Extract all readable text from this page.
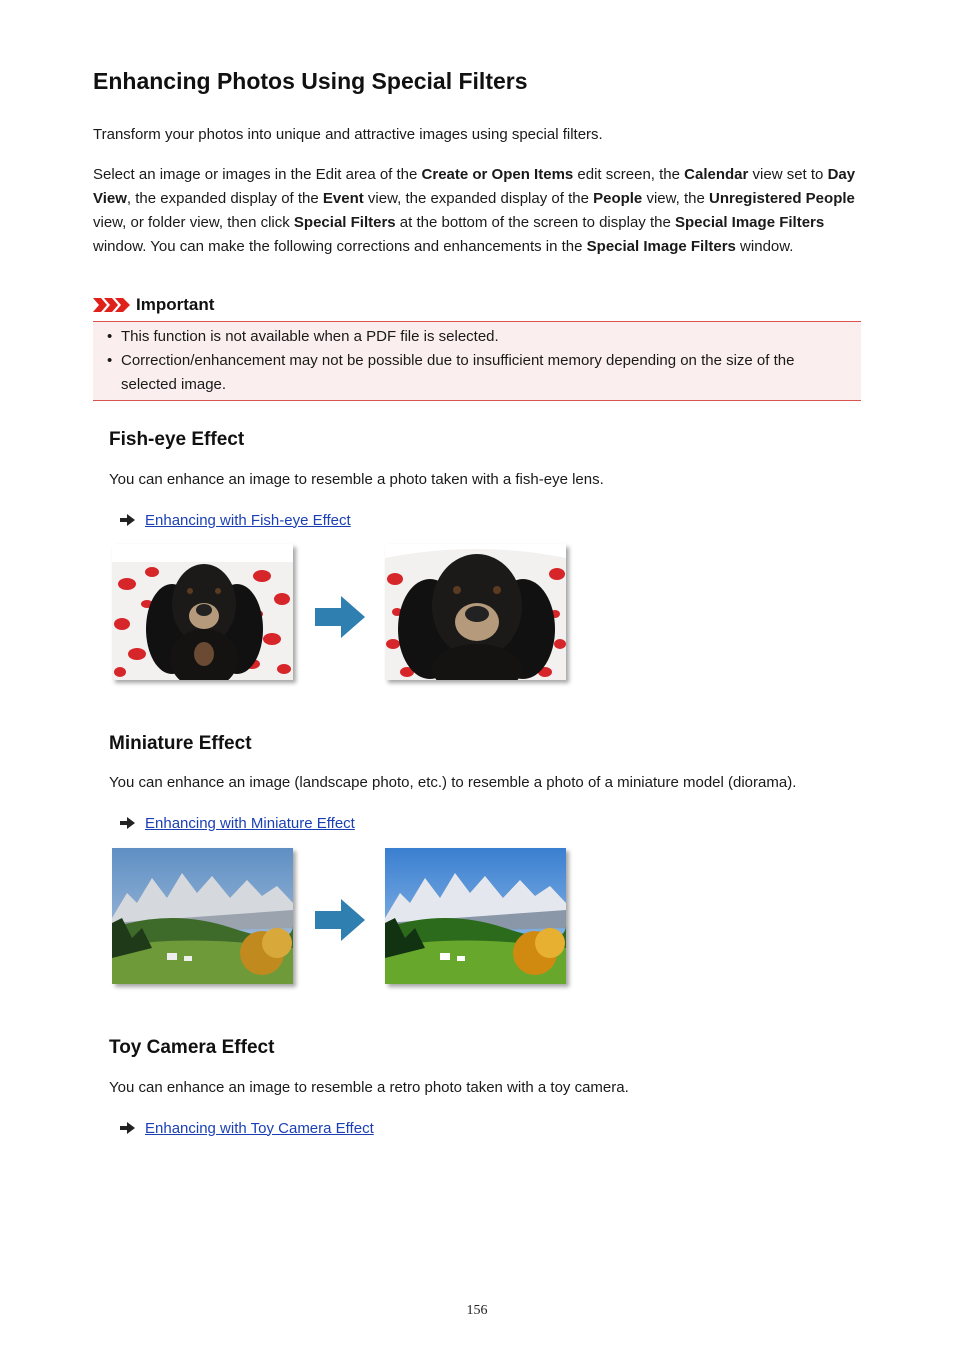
Enhancing Photos Using Special Filters

Transform your photos into unique and attractive images using special filters.

Select an image or images in the Edit area of the Create or Open Items edit screen, the Calendar view set to Day View, the expanded display of the Event view, the expanded display of the People view, the Unregistered People view, or folder view, then click Special Filters at the bottom of the screen to display the Special Image Filters window. You can make the following corrections and enhancements in the Special Image Filters window.

Important
• This function is not available when a PDF file is selected.
• Correction/enhancement may not be possible due to insufficient memory depending on the size of the selected image.
Fish-eye Effect

You can enhance an image to resemble a photo taken with a fish-eye lens.

Enhancing with Fish-eye Effect
Miniature Effect

You can enhance an image (landscape photo, etc.) to resemble a photo of a miniature model (diorama).

Enhancing with Miniature Effect
Toy Camera Effect

You can enhance an image to resemble a retro photo taken with a toy camera.

Enhancing with Toy Camera Effect
156
